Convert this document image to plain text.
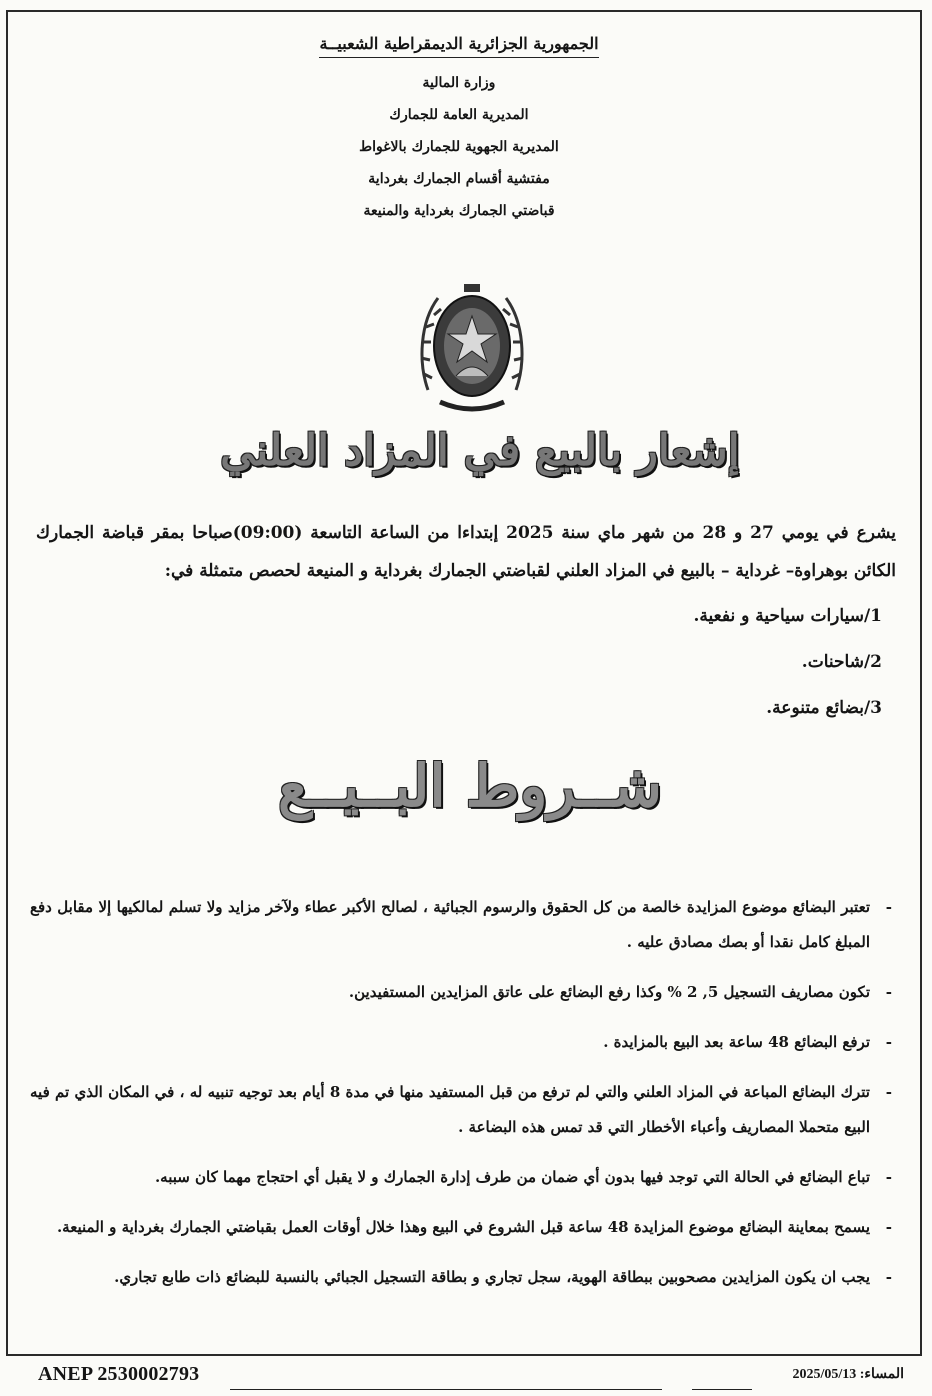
الجمهورية الجزائرية الديمقراطية الشعبيــة
وزارة المالية
المديرية العامة للجمارك
المديرية الجهوية للجمارك بالاغواط
مفتشية أقسام الجمارك بغرداية
قباضتي الجمارك بغرداية والمنيعة
إشعار بالبيع في المزاد العلني
يشرع في يومي 27 و 28 من شهر ماي سنة 2025 إبتداءا من الساعة التاسعة (09:00)صباحا بمقر قباضة الجمارك الكائن بوهراوة– غرداية – بالبيع في المزاد العلني لقباضتي الجمارك بغرداية و المنيعة لحصص متمثلة في:
1/سيارات سياحية و نفعية.
2/شاحنات.
3/بضائع متنوعة.
شــروط البــيــع
- تعتبر البضائع موضوع المزايدة خالصة من كل الحقوق والرسوم الجبائية ، لصالح الأكبر عطاء ولآخر مزايد ولا تسلم لمالكيها إلا مقابل دفع المبلغ كامل نقدا أو بصك مصادق عليه .
- تكون مصاريف التسجيل 5, 2 % وكذا رفع البضائع على عاتق المزايدين المستفيدين.
- ترفع البضائع 48 ساعة بعد البيع بالمزايدة .
- تترك البضائع المباعة في المزاد العلني والتي لم ترفع من قبل المستفيد منها في مدة 8 أيام بعد توجيه تنبيه له ، في المكان الذي تم فيه البيع متحملا المصاريف وأعباء الأخطار التي قد تمس هذه البضاعة .
- تباع البضائع في الحالة التي توجد فيها بدون أي ضمان من طرف إدارة الجمارك و لا يقبل أي احتجاج مهما كان سببه.
- يسمح بمعاينة البضائع موضوع المزايدة 48 ساعة قبل الشروع في البيع وهذا خلال أوقات العمل بقباضتي الجمارك بغرداية و المنيعة.
- يجب ان يكون المزايدين مصحوبين ببطاقة الهوية، سجل تجاري و بطاقة التسجيل الجبائي بالنسبة للبضائع ذات طابع تجاري.
ANEP 2530002793	المساء: 2025/05/13
